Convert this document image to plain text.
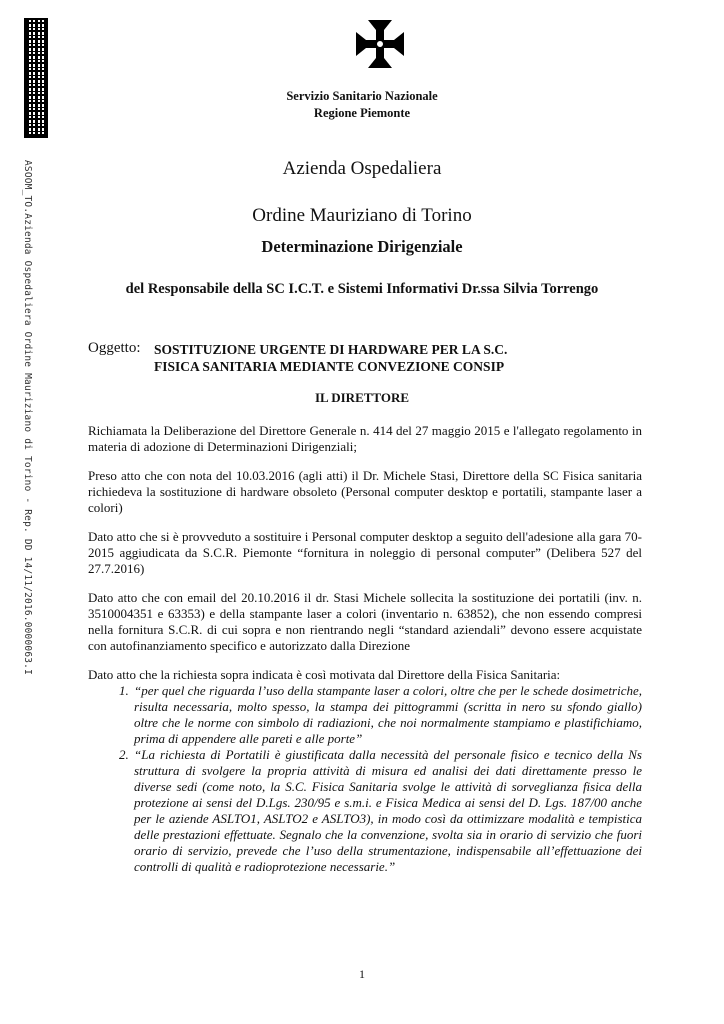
ASOOM_TO.Azienda Ospedaliera Ordine Mauriziano di Torino - Rep. DD 14/11/2016.0000063.I
Servizio Sanitario Nazionale
Regione Piemonte
Azienda Ospedaliera
Ordine Mauriziano di Torino
Determinazione Dirigenziale
del Responsabile della SC I.C.T. e Sistemi Informativi Dr.ssa Silvia Torrengo
Oggetto: SOSTITUZIONE URGENTE DI HARDWARE PER LA S.C.
FISICA SANITARIA MEDIANTE CONVEZIONE CONSIP
IL DIRETTORE

Richiamata la Deliberazione del Direttore Generale n. 414 del 27 maggio 2015 e l'allegato regolamento in materia di adozione di Determinazioni Dirigenziali;

Preso atto che con nota del 10.03.2016 (agli atti) il Dr. Michele Stasi, Direttore della SC Fisica sanitaria richiedeva la sostituzione di hardware obsoleto (Personal computer desktop e portatili, stampante laser a colori)

Dato atto che si è provveduto a sostituire i Personal computer desktop a seguito dell'adesione alla gara 70-2015 aggiudicata da S.C.R. Piemonte “fornitura in noleggio di personal computer” (Delibera 527 del 27.7.2016)

Dato atto che con email del 20.10.2016 il dr. Stasi Michele sollecita la sostituzione dei portatili (inv. n. 3510004351 e 63353) e della stampante laser a colori (inventario n. 63852), che non essendo compresi nella fornitura S.C.R. di cui sopra e non rientrando negli “standard aziendali” devono essere acquistate con autofinanziamento specifico e autorizzato dalla Direzione

Dato atto che la richiesta sopra indicata è così motivata dal Direttore della Fisica Sanitaria:

1. “per quel che riguarda l’uso della stampante laser a colori, oltre che per le schede dosimetriche, risulta necessaria, molto spesso, la stampa dei pittogrammi (scritta in nero su sfondo giallo) oltre che le norme con simbolo di radiazioni, che noi normalmente stampiamo e plastifichiamo, prima di appendere alle pareti e alle porte”
2. “La richiesta di Portatili è giustificata dalla necessità del personale fisico e tecnico della Ns struttura di svolgere la propria attività di misura ed analisi dei dati direttamente presso le diverse sedi (come noto, la S.C. Fisica Sanitaria svolge le attività di sorveglianza fisica della protezione ai sensi del D.Lgs. 230/95 e s.m.i. e Fisica Medica ai sensi del D. Lgs. 187/00 anche per le aziende ASLTO1, ASLTO2 e ASLTO3), in modo così da ottimizzare modalità e tempistica delle prestazioni effettuate. Segnalo che la convenzione, svolta sia in orario di servizio che fuori orario di servizio, prevede che l’uso della strumentazione, indispensabile all’effettuazione dei controlli di qualità e radioprotezione necessarie.”
1
